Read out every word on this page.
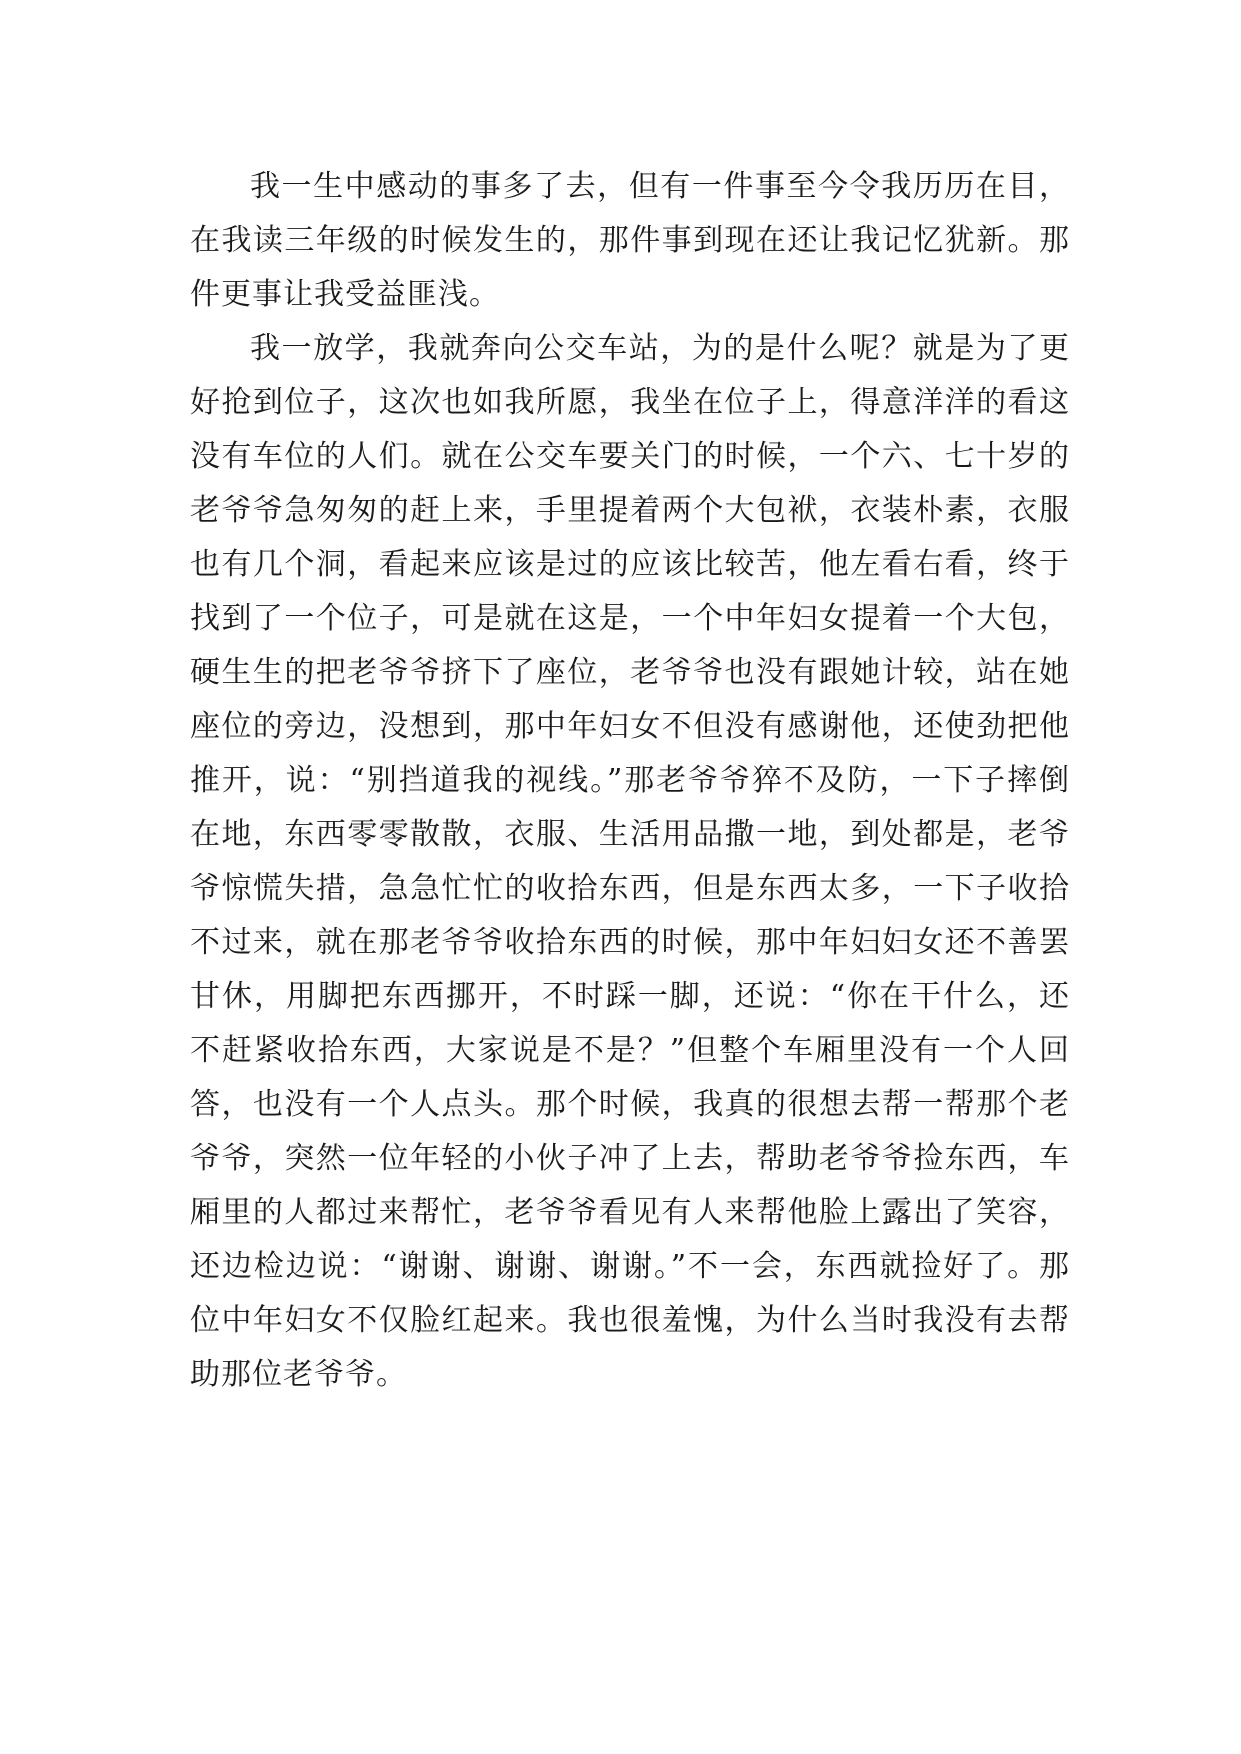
我一生中感动的事多了去，但有一件事至今令我历历在目，在我读三年级的时候发生的，那件事到现在还让我记忆犹新。那件更事让我受益匪浅。

我一放学，我就奔向公交车站，为的是什么呢？就是为了更好抢到位子，这次也如我所愿，我坐在位子上，得意洋洋的看这没有车位的人们。就在公交车要关门的时候，一个六、七十岁的老爷爷急匆匆的赶上来，手里提着两个大包袱，衣装朴素，衣服也有几个洞，看起来应该是过的应该比较苦，他左看右看，终于找到了一个位子，可是就在这是，一个中年妇女提着一个大包，硬生生的把老爷爷挤下了座位，老爷爷也没有跟她计较，站在她座位的旁边，没想到，那中年妇女不但没有感谢他，还使劲把他推开，说：“别挡道我的视线。”那老爷爷猝不及防，一下子摔倒在地，东西零零散散，衣服、生活用品撒一地，到处都是，老爷爷惊慌失措，急急忙忙的收拾东西，但是东西太多，一下子收拾不过来，就在那老爷爷收拾东西的时候，那中年妇妇女还不善罢甘休，用脚把东西挪开，不时踩一脚，还说：“你在干什么，还不赶紧收拾东西，大家说是不是？”但整个车厢里没有一个人回答，也没有一个人点头。那个时候，我真的很想去帮一帮那个老爷爷，突然一位年轻的小伙子冲了上去，帮助老爷爷捡东西，车厢里的人都过来帮忙，老爷爷看见有人来帮他脸上露出了笑容，还边检边说：“谢谢、谢谢、谢谢。”不一会，东西就捡好了。那位中年妇女不仅脸红起来。我也很羞愧，为什么当时我没有去帮助那位老爷爷。
